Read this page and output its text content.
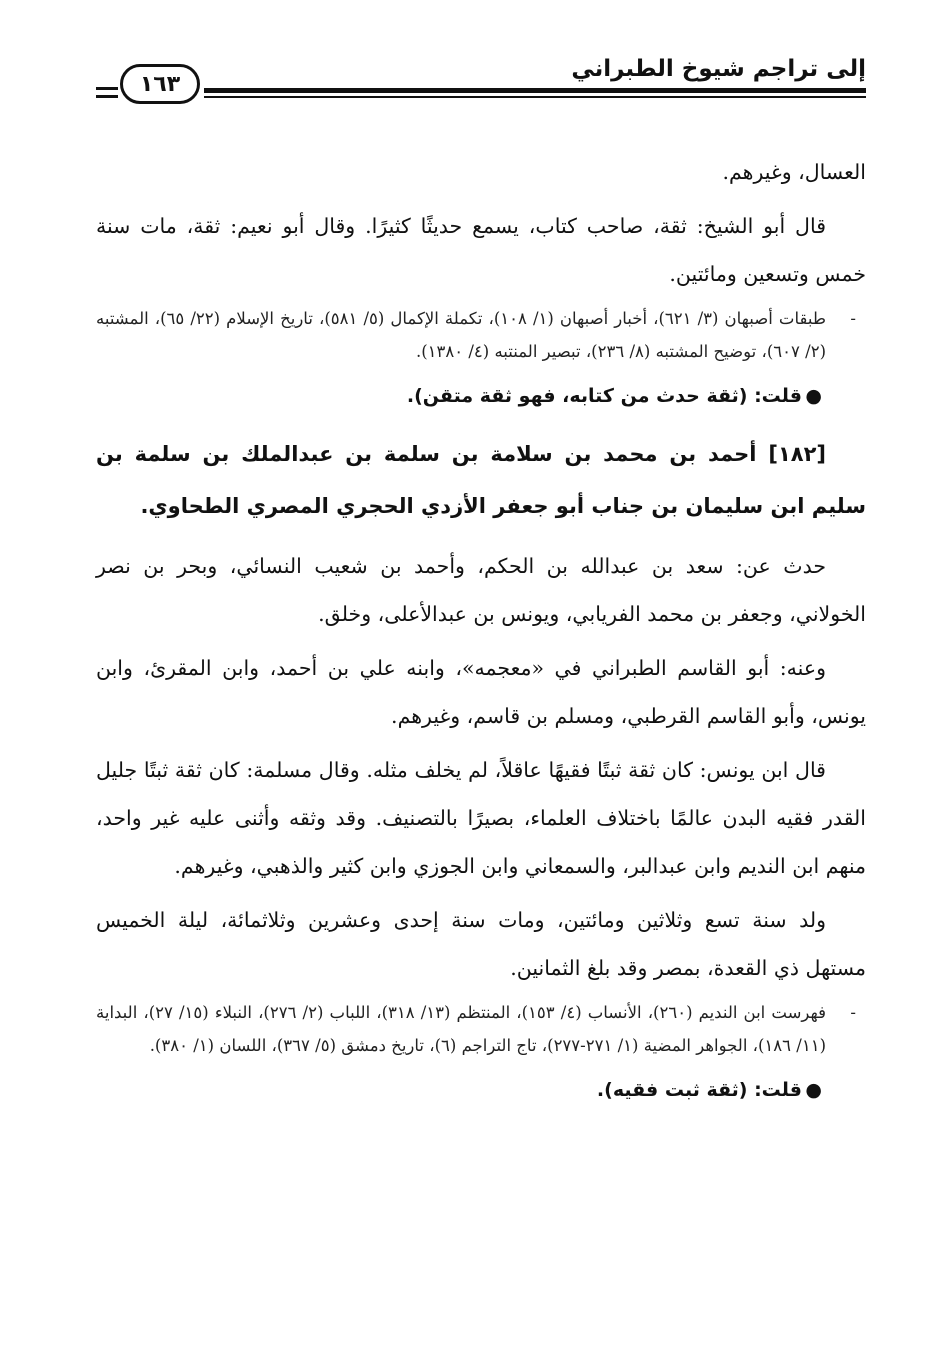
إلى تراجم شيوخ الطبراني
١٦٣

العسال، وغيرهم.

قال أبو الشيخ: ثقة، صاحب كتاب، يسمع حديثًا كثيرًا. وقال أبو نعيم: ثقة، مات سنة خمس وتسعين ومائتين.

-
طبقات أصبهان (٣/ ٦٢١)، أخبار أصبهان (١/ ١٠٨)، تكملة الإكمال (٥/ ٥٨١)، تاريخ الإسلام (٢٢/ ٦٥)، المشتبه (٢/ ٦٠٧)، توضيح المشتبه (٨/ ٢٣٦)، تبصير المنتبه (٤/ ١٣٨٠).
●
قلت: (ثقة حدث من كتابه، فهو ثقة متقن).

[١٨٢] أحمد بن محمد بن سلامة بن سلمة بن عبدالملك بن سلمة بن سليم ابن سليمان بن جناب أبو جعفر الأزدي الحجري المصري الطحاوي.

حدث عن: سعد بن عبدالله بن الحكم، وأحمد بن شعيب النسائي، وبحر بن نصر الخولاني، وجعفر بن محمد الفريابي، ويونس بن عبدالأعلى، وخلق.

وعنه: أبو القاسم الطبراني في «معجمه»، وابنه علي بن أحمد، وابن المقرئ، وابن يونس، وأبو القاسم القرطبي، ومسلم بن قاسم، وغيرهم.

قال ابن يونس: كان ثقة ثبتًا فقيهًا عاقلاً، لم يخلف مثله. وقال مسلمة: كان ثقة ثبتًا جليل القدر فقيه البدن عالمًا باختلاف العلماء، بصيرًا بالتصنيف. وقد وثقه وأثنى عليه غير واحد، منهم ابن النديم وابن عبدالبر، والسمعاني وابن الجوزي وابن كثير والذهبي، وغيرهم.

ولد سنة تسع وثلاثين ومائتين، ومات سنة إحدى وعشرين وثلاثمائة، ليلة الخميس مستهل ذي القعدة، بمصر وقد بلغ الثمانين.

-
فهرست ابن النديم (٢٦٠)، الأنساب (٤/ ١٥٣)، المنتظم (١٣/ ٣١٨)، اللباب (٢/ ٢٧٦)، النبلاء (١٥/ ٢٧)، البداية (١١/ ١٨٦)، الجواهر المضية (١/ ٢٧١-٢٧٧)، تاج التراجم (٦)، تاريخ دمشق (٥/ ٣٦٧)، اللسان (١/ ٣٨٠).
●
قلت: (ثقة ثبت فقيه).
